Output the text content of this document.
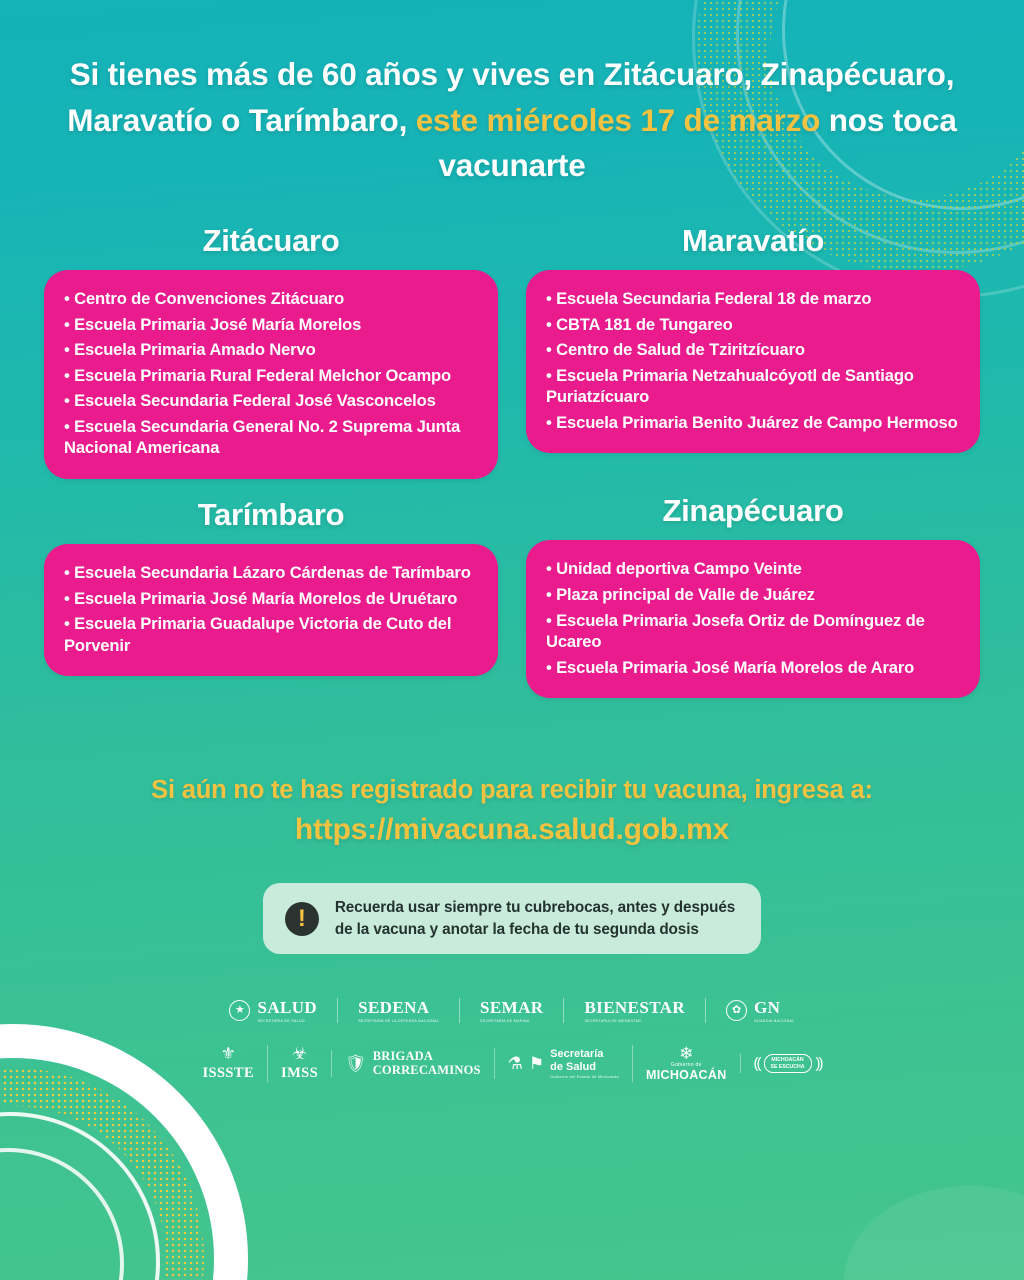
Si tienes más de 60 años y vives en Zitácuaro, Zinapécuaro, Maravatío o Tarímbaro, este miércoles 17 de marzo nos toca vacunarte
Zitácuaro
• Centro de Convenciones Zitácuaro
• Escuela Primaria José María Morelos
• Escuela Primaria Amado Nervo
• Escuela Primaria Rural Federal Melchor Ocampo
• Escuela Secundaria Federal José Vasconcelos
• Escuela Secundaria General No. 2 Suprema Junta Nacional Americana
Tarímbaro
• Escuela Secundaria Lázaro Cárdenas de Tarímbaro
• Escuela Primaria José María Morelos de Uruétaro
• Escuela Primaria Guadalupe Victoria de Cuto del Porvenir
Maravatío
• Escuela Secundaria Federal 18 de marzo
• CBTA 181 de Tungareo
• Centro de Salud de Tziritzícuaro
• Escuela Primaria Netzahualcóyotl de Santiago Puriatzícuaro
• Escuela Primaria Benito Juárez de Campo Hermoso
Zinapécuaro
• Unidad deportiva Campo Veinte
• Plaza principal de Valle de Juárez
• Escuela Primaria Josefa Ortiz de Domínguez de Ucareo
• Escuela Primaria José María Morelos de Araro
Si aún no te has registrado para recibir tu vacuna, ingresa a:
https://mivacuna.salud.gob.mx
!	Recuerda usar siempre tu cubrebocas, antes y después
de la vacuna y anotar la fecha de tu segunda dosis
★ SALUD
SECRETARÍA DE SALUD
SEDENA
SECRETARÍA DE LA DEFENSA NACIONAL
SEMAR
SECRETARÍA DE MARINA
BIENESTAR
SECRETARÍA DE BIENESTAR
✿ GN
GUARDIA NACIONAL
⚜
ISSSTE
☣
IMSS 🛡 BRIGADA
CORRECAMINOS ⚗ ⚑ Secretaría
de Salud
Gobierno del Estado de Michoacán
❄
Gobierno de
MICHOACÁN
((	MICHOACÁN
SE ESCUCHA ))
